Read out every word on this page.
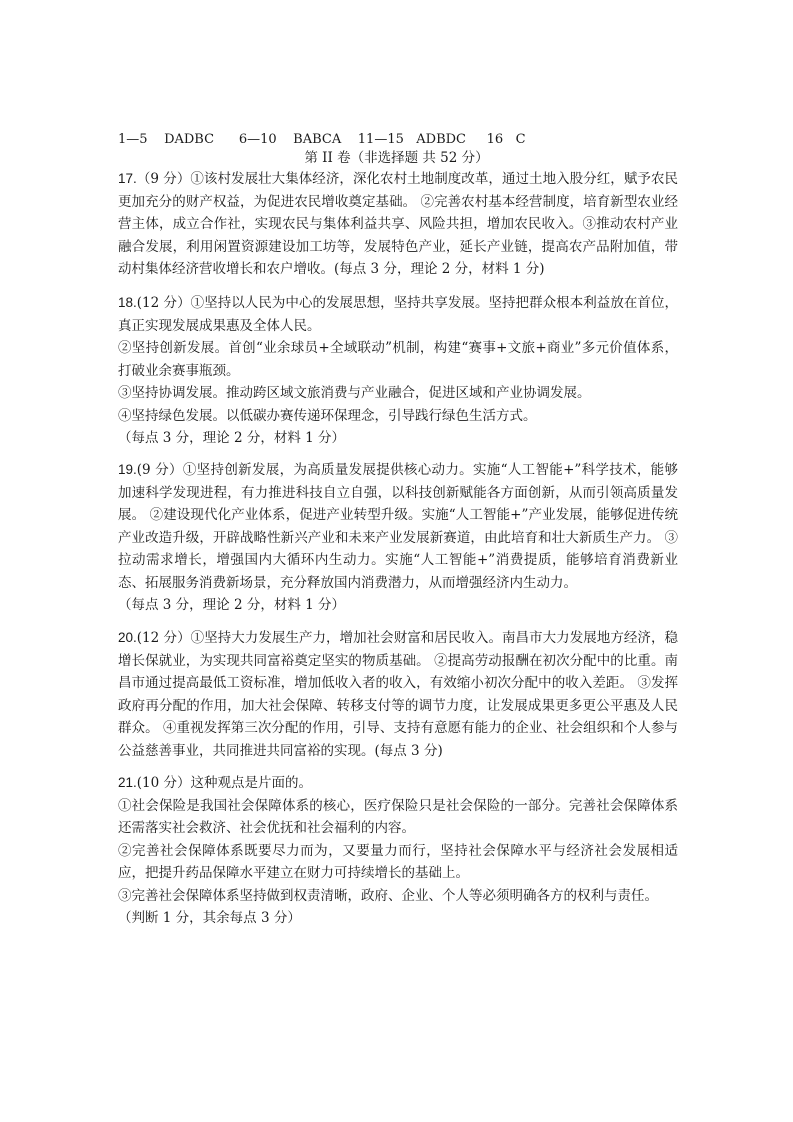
1—5    DADBC      6—10    BABCA    11—15   ADBDC     16   C
第 II 卷（非选择题 共 52 分）

17.（9 分）①该村发展壮大集体经济，深化农村土地制度改革，通过土地入股分红，赋予农民更加充分的财产权益，为促进农民增收奠定基础。 ②完善农村基本经营制度，培育新型农业经营主体，成立合作社，实现农民与集体利益共享、风险共担，增加农民收入。③推动农村产业融合发展，利用闲置资源建设加工坊等，发展特色产业，延长产业链，提高农产品附加值，带动村集体经济营收增长和农户增收。(每点 3 分，理论 2 分，材料 1 分)

18.(12 分）①坚持以人民为中心的发展思想，坚持共享发展。坚持把群众根本利益放在首位，真正实现发展成果惠及全体人民。

②坚持创新发展。首创“业余球员+全域联动”机制，构建“赛事+文旅+商业”多元价值体系，打破业余赛事瓶颈。

③坚持协调发展。推动跨区域文旅消费与产业融合，促进区域和产业协调发展。

④坚持绿色发展。以低碳办赛传递环保理念，引导践行绿色生活方式。

（每点 3 分，理论 2 分，材料 1 分）

19.(9 分）①坚持创新发展，为高质量发展提供核心动力。实施“人工智能+”科学技术，能够加速科学发现进程，有力推进科技自立自强，以科技创新赋能各方面创新，从而引领高质量发展。 ②建设现代化产业体系，促进产业转型升级。实施“人工智能+”产业发展，能够促进传统产业改造升级，开辟战略性新兴产业和未来产业发展新赛道，由此培育和壮大新质生产力。 ③拉动需求增长，增强国内大循环内生动力。实施“人工智能+”消费提质，能够培育消费新业态、拓展服务消费新场景，充分释放国内消费潜力，从而增强经济内生动力。

（每点 3 分，理论 2 分，材料 1 分）

20.(12 分）①坚持大力发展生产力，增加社会财富和居民收入。南昌市大力发展地方经济，稳增长保就业，为实现共同富裕奠定坚实的物质基础。 ②提高劳动报酬在初次分配中的比重。南昌市通过提高最低工资标准，增加低收入者的收入，有效缩小初次分配中的收入差距。 ③发挥政府再分配的作用，加大社会保障、转移支付等的调节力度，让发展成果更多更公平惠及人民群众。 ④重视发挥第三次分配的作用，引导、支持有意愿有能力的企业、社会组织和个人参与公益慈善事业，共同推进共同富裕的实现。(每点 3 分)

21.(10 分）这种观点是片面的。

①社会保险是我国社会保障体系的核心，医疗保险只是社会保险的一部分。完善社会保障体系还需落实社会救济、社会优抚和社会福利的内容。

②完善社会保障体系既要尽力而为，又要量力而行，坚持社会保障水平与经济社会发展相适应，把提升药品保障水平建立在财力可持续增长的基础上。

③完善社会保障体系坚持做到权责清晰，政府、企业、个人等必须明确各方的权利与责任。

（判断 1 分，其余每点 3 分）
